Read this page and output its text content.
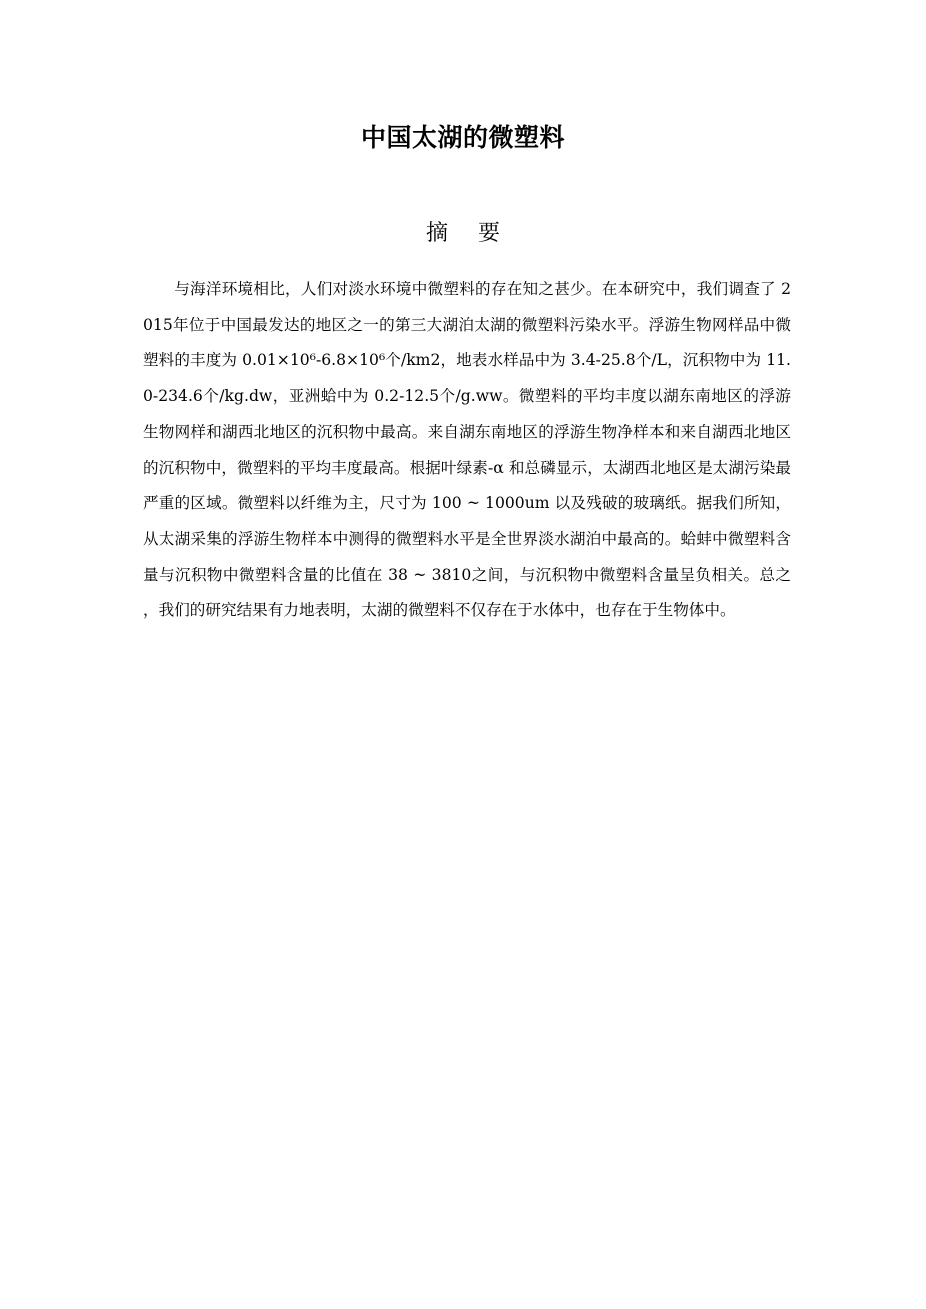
中国太湖的微塑料
摘 要

与海洋环境相比，人们对淡水环境中微塑料的存在知之甚少。在本研究中，我们调查了 2015年位于中国最发达的地区之一的第三大湖泊太湖的微塑料污染水平。浮游生物网样品中微塑料的丰度为 0.01×10⁶-6.8×10⁶个/km2，地表水样品中为 3.4-25.8个/L，沉积物中为 11.0-234.6个/kg.dw，亚洲蛤中为 0.2-12.5个/g.ww。微塑料的平均丰度以湖东南地区的浮游生物网样和湖西北地区的沉积物中最高。来自湖东南地区的浮游生物净样本和来自湖西北地区的沉积物中，微塑料的平均丰度最高。根据叶绿素-α 和总磷显示，太湖西北地区是太湖污染最严重的区域。微塑料以纤维为主，尺寸为 100 ~ 1000um 以及残破的玻璃纸。据我们所知，从太湖采集的浮游生物样本中测得的微塑料水平是全世界淡水湖泊中最高的。蛤蚌中微塑料含量与沉积物中微塑料含量的比值在 38 ~ 3810之间，与沉积物中微塑料含量呈负相关。总之，我们的研究结果有力地表明，太湖的微塑料不仅存在于水体中，也存在于生物体中。
